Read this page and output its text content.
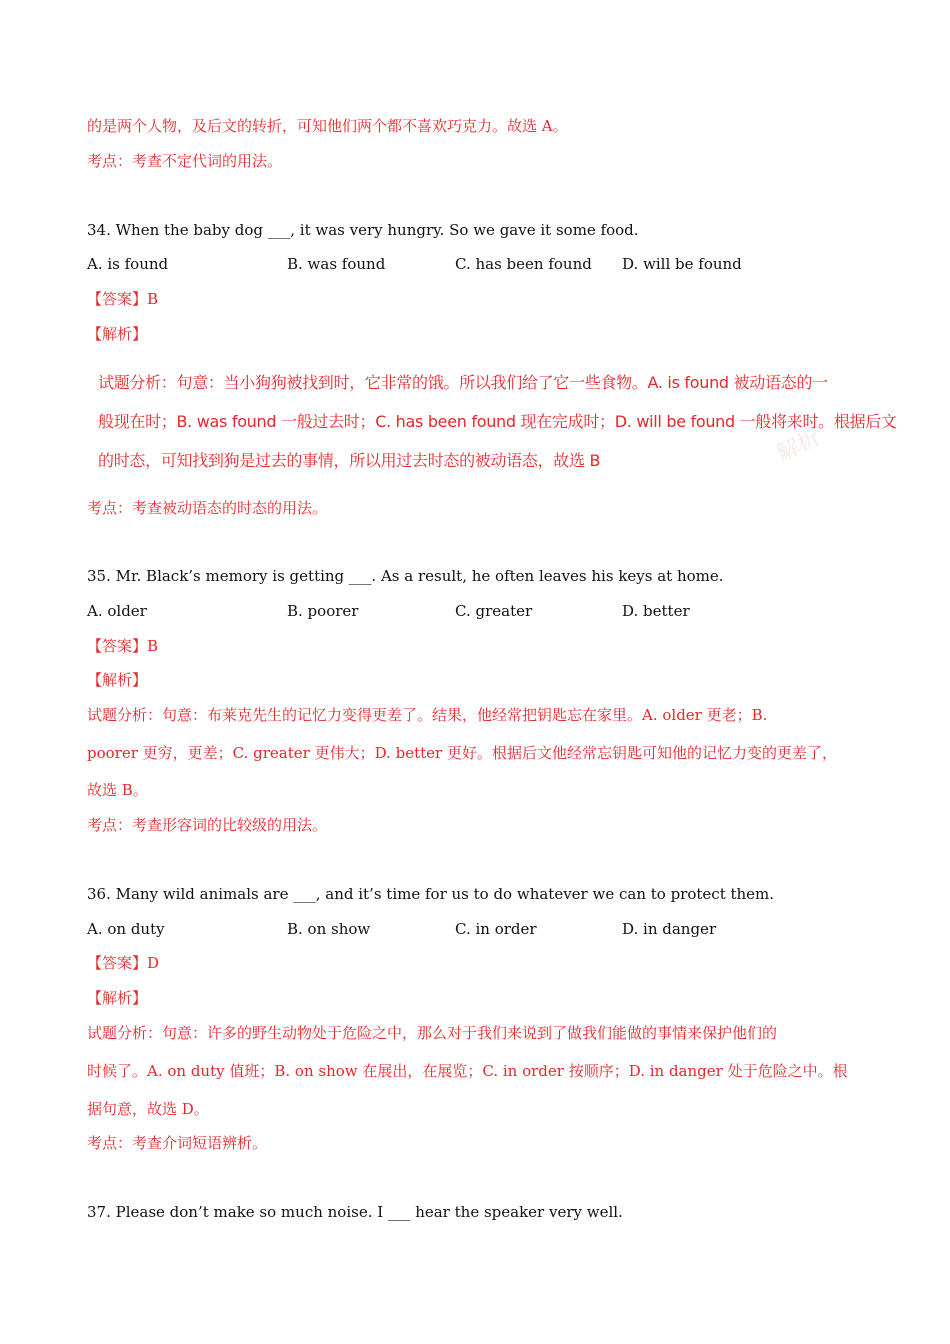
的是两个人物，及后文的转折，可知他们两个都不喜欢巧克力。故选 A。
考点：考查不定代词的用法。
34. When the baby dog ___, it was very hungry. So we gave it some food.
A. is found	B. was found	C. has been found D. will be found
【答案】B
【解析】
试题分析：句意：当小狗狗被找到时，它非常的饿。所以我们给了它一些食物。A. is found 被动语态的一
般现在时；B. was found 一般过去时；C. has been found 现在完成时；D. will be found 一般将来时。根据后文
的时态，可知找到狗是过去的事情，所以用过去时态的被动语态，故选 B	解析
考点：考查被动语态的时态的用法。
35. Mr. Black’s memory is getting ___. As a result, he often leaves his keys at home.
A. older	B. poorer	C. greater	D. better
【答案】B
【解析】
试题分析：句意：布莱克先生的记忆力变得更差了。结果，他经常把钥匙忘在家里。A. older 更老；B.
poorer 更穷，更差；C. greater 更伟大；D. better 更好。根据后文他经常忘钥匙可知他的记忆力变的更差了，
故选 B。
考点：考查形容词的比较级的用法。
36. Many wild animals are ___, and it’s time for us to do whatever we can to protect them.
A. on duty	B. on show	C. in order	D. in danger
【答案】D
【解析】
试题分析：句意：许多的野生动物处于危险之中，那么对于我们来说到了做我们能做的事情来保护他们的
时候了。A. on duty 值班；B. on show 在展出，在展览；C. in order 按顺序；D. in danger 处于危险之中。根
据句意，故选 D。
考点：考查介词短语辨析。
37. Please don’t make so much noise. I ___ hear the speaker very well.
